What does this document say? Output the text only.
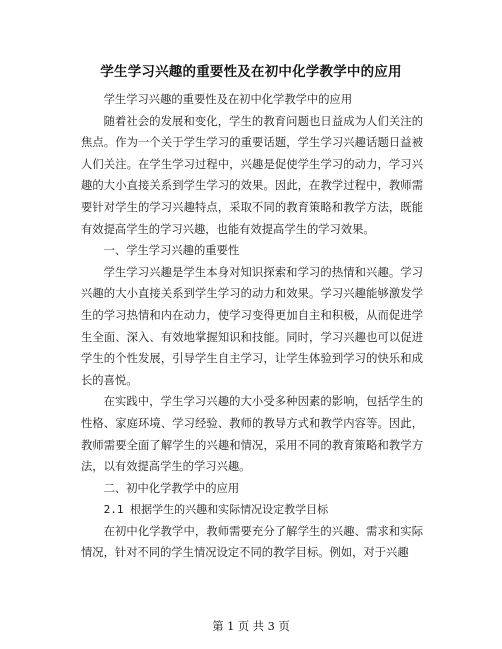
学生学习兴趣的重要性及在初中化学教学中的应用

学生学习兴趣的重要性及在初中化学教学中的应用

随着社会的发展和变化，学生的教育问题也日益成为人们关注的焦点。作为一个关于学生学习的重要话题，学生学习兴趣话题日益被人们关注。在学生学习过程中，兴趣是促使学生学习的动力，学习兴趣的大小直接关系到学生学习的效果。因此，在教学过程中，教师需要针对学生的学习兴趣特点，采取不同的教育策略和教学方法，既能有效提高学生的学习兴趣，也能有效提高学生的学习效果。

一、学生学习兴趣的重要性

学生学习兴趣是学生本身对知识探索和学习的热情和兴趣。学习兴趣的大小直接关系到学生学习的动力和效果。学习兴趣能够激发学生的学习热情和内在动力，使学习变得更加自主和积极，从而促进学生全面、深入、有效地掌握知识和技能。同时，学习兴趣也可以促进学生的个性发展，引导学生自主学习，让学生体验到学习的快乐和成长的喜悦。

在实践中，学生学习兴趣的大小受多种因素的影响，包括学生的性格、家庭环境、学习经验、教师的教导方式和教学内容等。因此，教师需要全面了解学生的兴趣和情况，采用不同的教育策略和教学方法，以有效提高学生的学习兴趣。

二、初中化学教学中的应用

2.1 根据学生的兴趣和实际情况设定教学目标

在初中化学教学中，教师需要充分了解学生的兴趣、需求和实际情况，针对不同的学生情况设定不同的教学目标。例如，对于兴趣

第 1 页 共 3 页
